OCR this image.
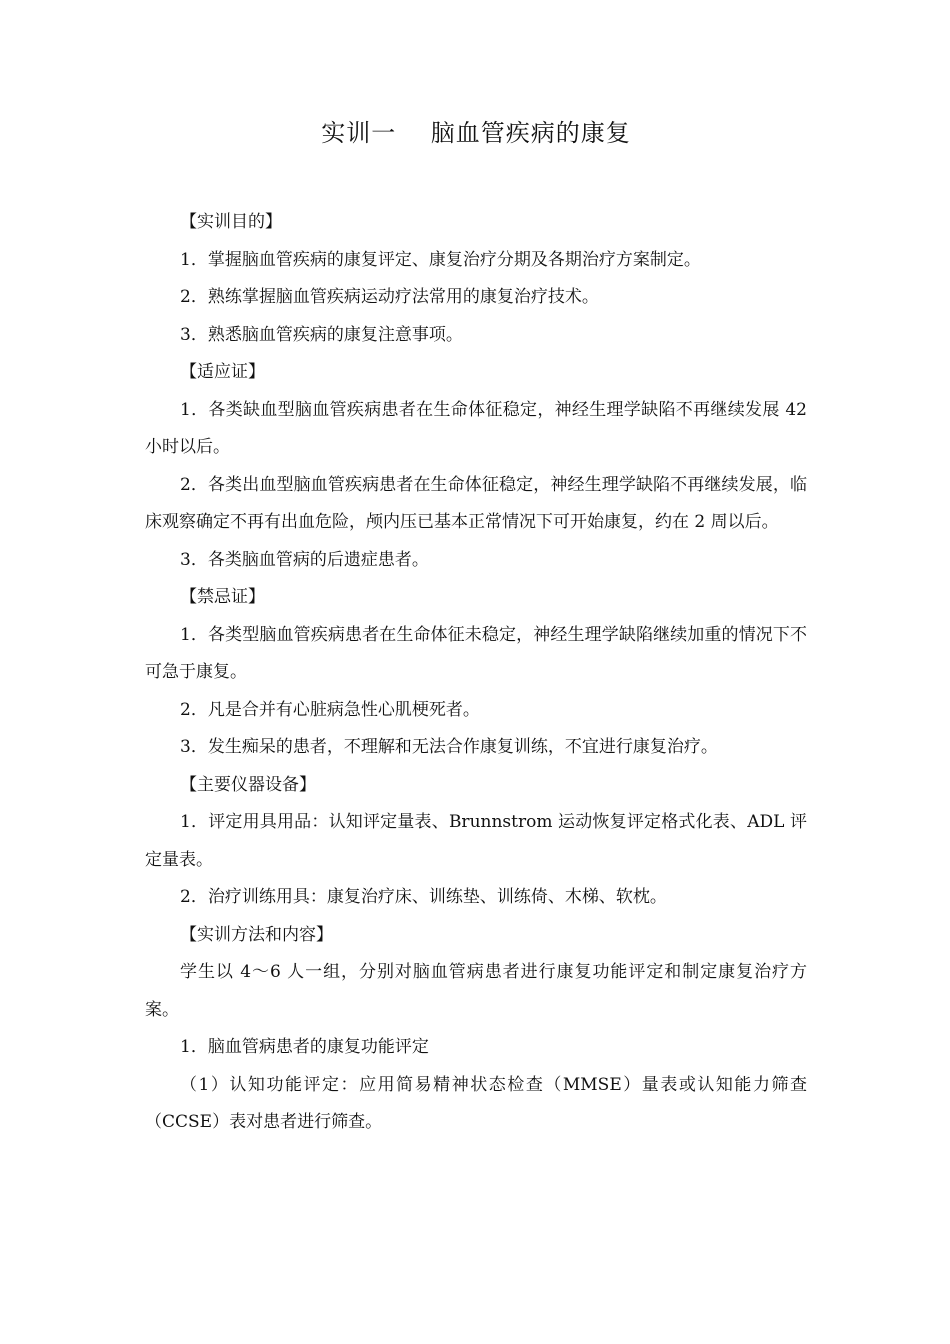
实训一    脑血管疾病的康复

【实训目的】

1．掌握脑血管疾病的康复评定、康复治疗分期及各期治疗方案制定。

2．熟练掌握脑血管疾病运动疗法常用的康复治疗技术。

3．熟悉脑血管疾病的康复注意事项。

【适应证】

1．各类缺血型脑血管疾病患者在生命体征稳定，神经生理学缺陷不再继续发展 42 小时以后。

2．各类出血型脑血管疾病患者在生命体征稳定，神经生理学缺陷不再继续发展，临床观察确定不再有出血危险，颅内压已基本正常情况下可开始康复，约在 2 周以后。

3．各类脑血管病的后遗症患者。

【禁忌证】

1．各类型脑血管疾病患者在生命体征未稳定，神经生理学缺陷继续加重的情况下不可急于康复。

2．凡是合并有心脏病急性心肌梗死者。

3．发生痴呆的患者，不理解和无法合作康复训练，不宜进行康复治疗。

【主要仪器设备】

1．评定用具用品：认知评定量表、Brunnstrom 运动恢复评定格式化表、ADL 评定量表。

2．治疗训练用具：康复治疗床、训练垫、训练倚、木梯、软枕。

【实训方法和内容】

学生以 4～6 人一组，分别对脑血管病患者进行康复功能评定和制定康复治疗方案。

1．脑血管病患者的康复功能评定

（1）认知功能评定：应用简易精神状态检查（MMSE）量表或认知能力筛查（CCSE）表对患者进行筛查。
